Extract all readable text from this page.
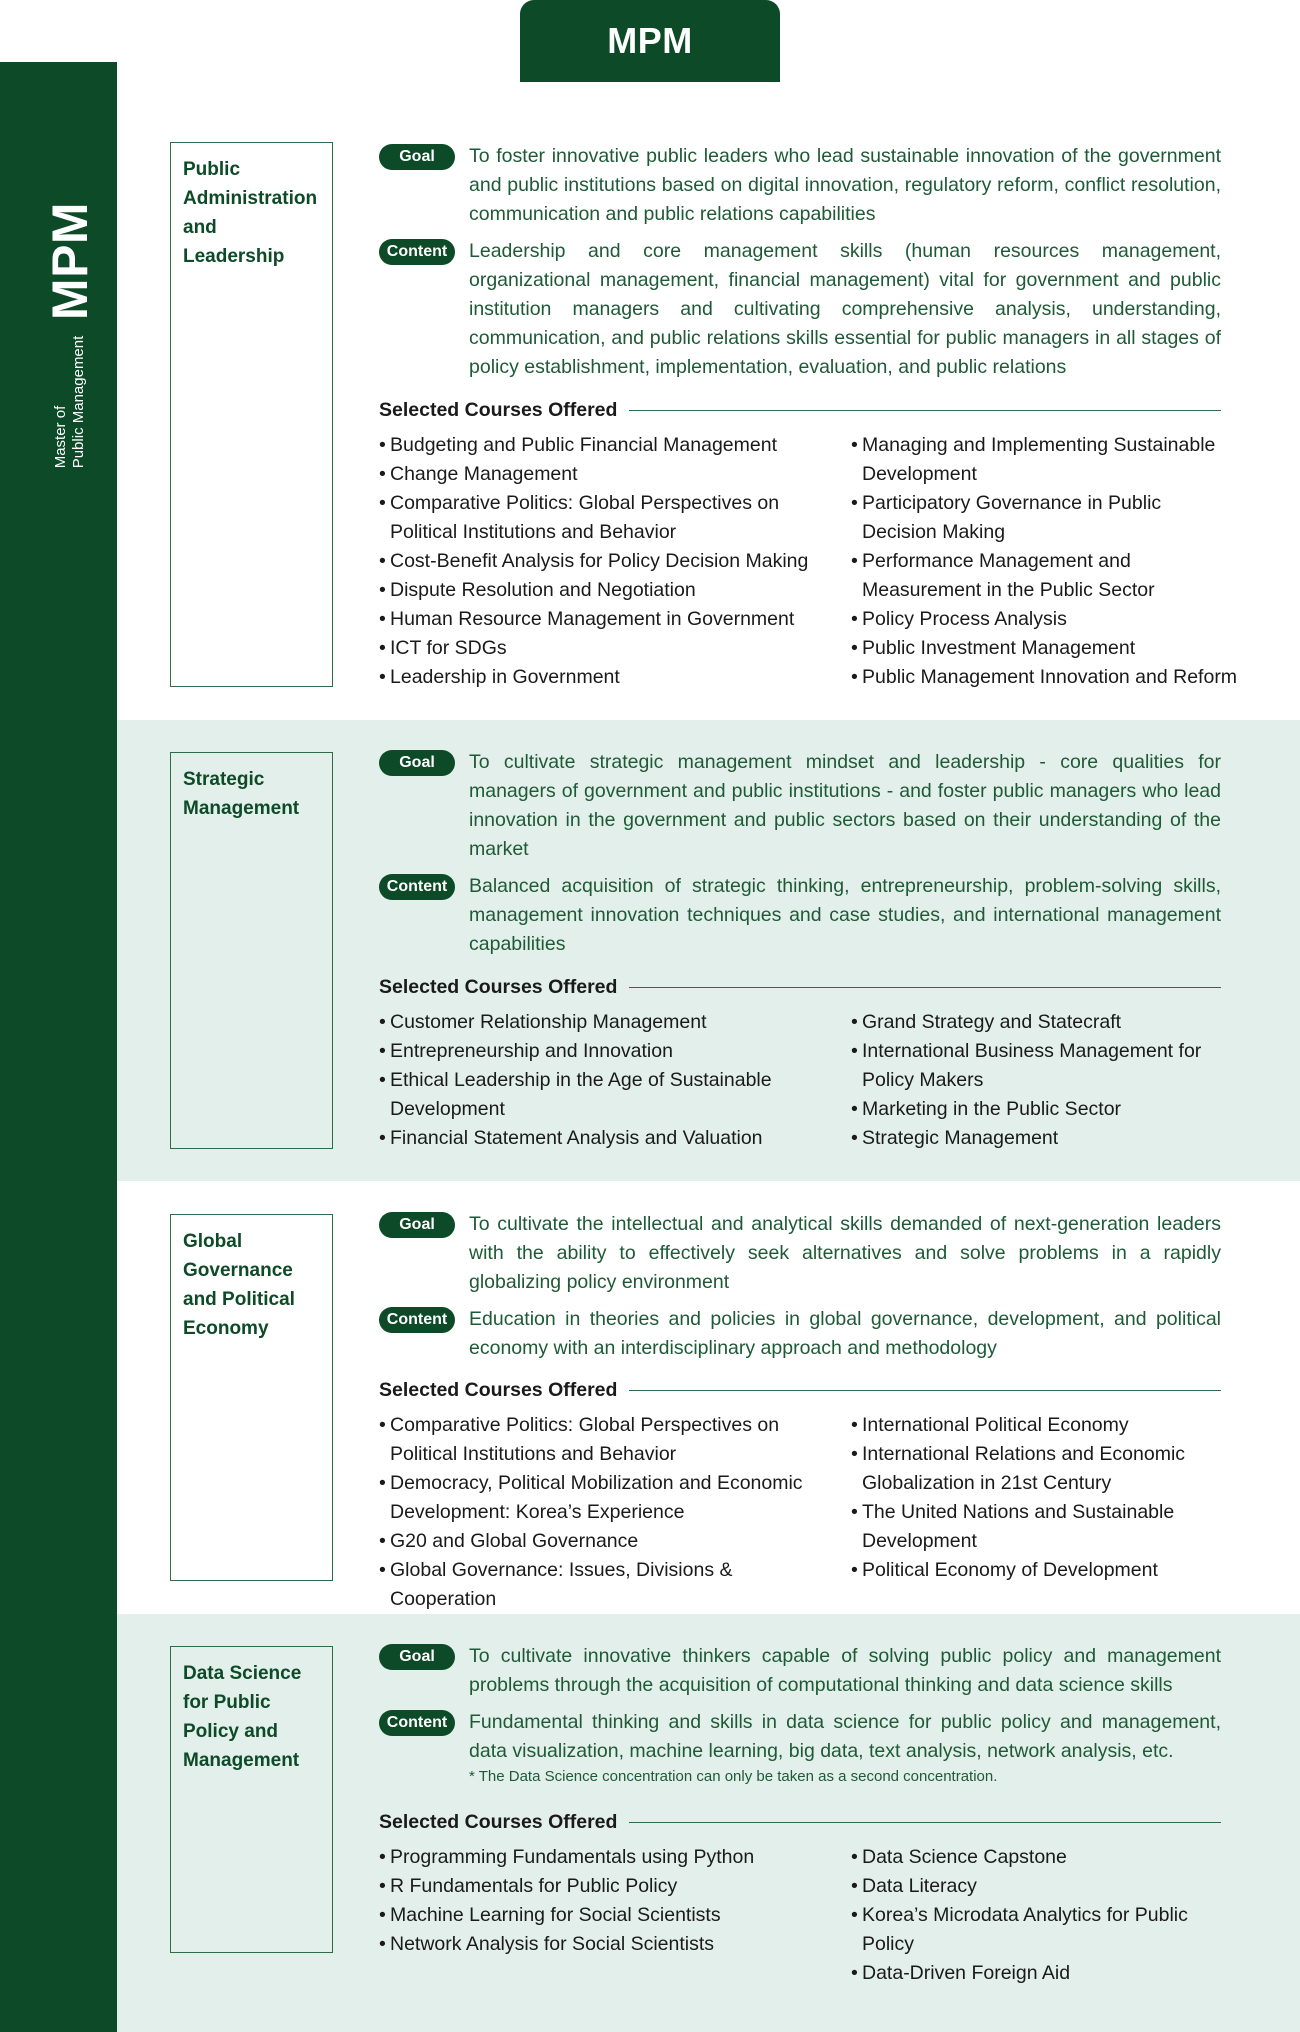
MPM
MPM
Master of Public Management
Public Administration and Leadership
Goal	To foster innovative public leaders who lead sustainable innovation of the government and public institutions based on digital innovation, regulatory reform, conflict resolution, communication and public relations capabilities
Content	Leadership and core management skills (human resources management, organizational management, financial management) vital for government and public institution managers and cultivating comprehensive analysis, understanding, communication, and public relations skills essential for public managers in all stages of policy establishment, implementation, evaluation, and public relations
Selected Courses Offered
• Budgeting and Public Financial Management
• Change Management
• Comparative Politics: Global Perspectives on Political Institutions and Behavior
• Cost-Benefit Analysis for Policy Decision Making
• Dispute Resolution and Negotiation
• Human Resource Management in Government
• ICT for SDGs
• Leadership in Government
• Managing and Implementing Sustainable Development
• Participatory Governance in Public Decision Making
• Performance Management and Measurement in the Public Sector
• Policy Process Analysis
• Public Investment Management
• Public Management Innovation and Reform
Strategic Management
Goal	To cultivate strategic management mindset and leadership - core qualities for managers of government and public institutions - and foster public managers who lead innovation in the government and public sectors based on their understanding of the market
Content	Balanced acquisition of strategic thinking, entrepreneurship, problem-solving skills, management innovation techniques and case studies, and international management capabilities
Selected Courses Offered
• Customer Relationship Management
• Entrepreneurship and Innovation
• Ethical Leadership in the Age of Sustainable Development
• Financial Statement Analysis and Valuation
• Grand Strategy and Statecraft
• International Business Management for Policy Makers
• Marketing in the Public Sector
• Strategic Management
Global Governance and Political Economy
Goal	To cultivate the intellectual and analytical skills demanded of next-generation leaders with the ability to effectively seek alternatives and solve problems in a rapidly globalizing policy environment
Content	Education in theories and policies in global governance, development, and political economy with an interdisciplinary approach and methodology
Selected Courses Offered
• Comparative Politics: Global Perspectives on Political Institutions and Behavior
• Democracy, Political Mobilization and Economic Development: Korea’s Experience
• G20 and Global Governance
• Global Governance: Issues, Divisions & Cooperation
• International Political Economy
• International Relations and Economic Globalization in 21st Century
• The United Nations and Sustainable Development
• Political Economy of Development
Data Science for Public Policy and Management
Goal	To cultivate innovative thinkers capable of solving public policy and management problems through the acquisition of computational thinking and data science skills
Content	Fundamental thinking and skills in data science for public policy and management, data visualization, machine learning, big data, text analysis, network analysis, etc.
* The Data Science concentration can only be taken as a second concentration.
Selected Courses Offered
• Programming Fundamentals using Python
• R Fundamentals for Public Policy
• Machine Learning for Social Scientists
• Network Analysis for Social Scientists
• Data Science Capstone
• Data Literacy
• Korea’s Microdata Analytics for Public Policy
• Data-Driven Foreign Aid
